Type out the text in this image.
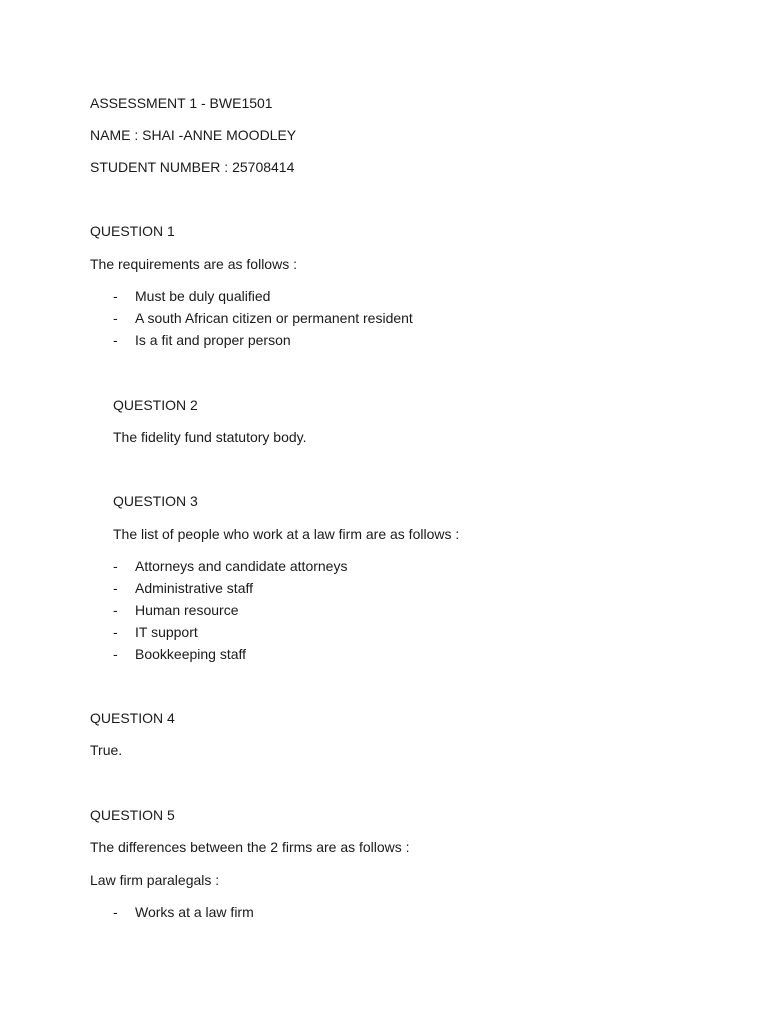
ASSESSMENT 1 - BWE1501
NAME : SHAI -ANNE MOODLEY
STUDENT NUMBER : 25708414
QUESTION 1
The requirements are as follows :
- Must be duly qualified
- A south African citizen or permanent resident
- Is a fit and proper person
QUESTION 2
The fidelity fund statutory body.
QUESTION 3
The list of people who work at a law firm are as follows :
- Attorneys and candidate attorneys
- Administrative staff
- Human resource
- IT support
- Bookkeeping staff
QUESTION 4
True.
QUESTION 5
The differences between the 2 firms are as follows :
Law firm paralegals :
- Works at a law firm
